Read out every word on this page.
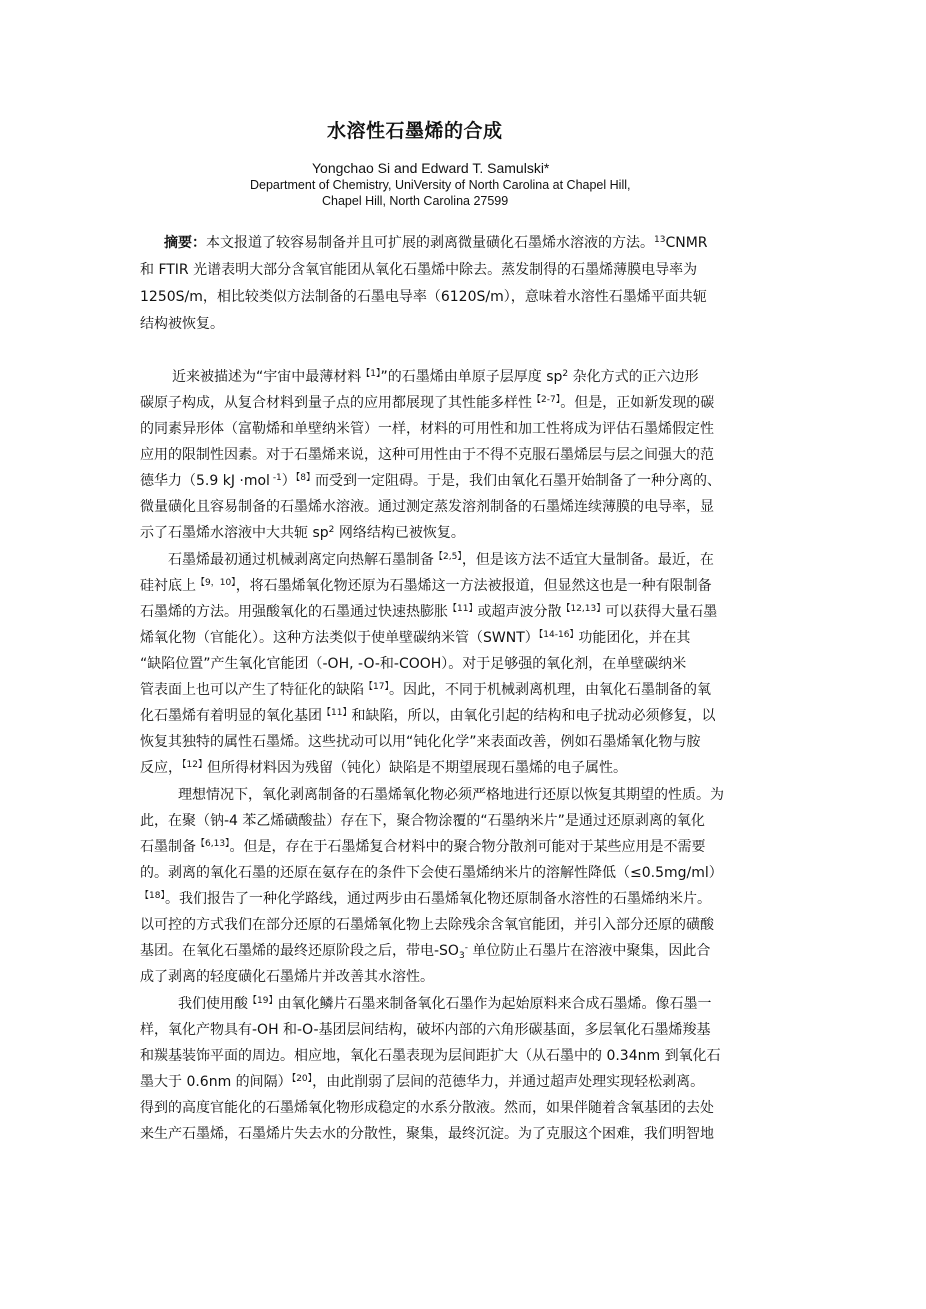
水溶性石墨烯的合成
Yongchao Si and Edward T. Samulski*
Department of Chemistry, UniVersity of North Carolina at Chapel Hill,
Chapel Hill, North Carolina 27599
摘要：本文报道了较容易制备并且可扩展的剥离微量磺化石墨烯水溶液的方法。$^{13}$CNMR
和 FTIR 光谱表明大部分含氧官能团从氧化石墨烯中除去。蒸发制得的石墨烯薄膜电导率为
1250S/m，相比较类似方法制备的石墨电导率（6120S/m），意味着水溶性石墨烯平面共轭
结构被恢复。
近来被描述为“宇宙中最薄材料$^{【1】}$”的石墨烯由单原子层厚度 $sp^2$ 杂化方式的正六边形
碳原子构成，从复合材料到量子点的应用都展现了其性能多样性$^{【2-7】}$。但是，正如新发现的碳
的同素异形体（富勒烯和单壁纳米管）一样，材料的可用性和加工性将成为评估石墨烯假定性
应用的限制性因素。对于石墨烯来说，这种可用性由于不得不克服石墨烯层与层之间强大的范
德华力（5.9 kJ ·mol $^{-1}$）$^{【8】}$而受到一定阻碍。于是，我们由氧化石墨开始制备了一种分离的、
微量磺化且容易制备的石墨烯水溶液。通过测定蒸发溶剂制备的石墨烯连续薄膜的电导率，显
示了石墨烯水溶液中大共轭 $sp^2$ 网络结构已被恢复。
石墨烯最初通过机械剥离定向热解石墨制备$^{【2,5】}$，但是该方法不适宜大量制备。最近，在
硅衬底上$^{【9,10】}$，将石墨烯氧化物还原为石墨烯这一方法被报道，但显然这也是一种有限制备
石墨烯的方法。用强酸氧化的石墨通过快速热膨胀$^{【11】}$或超声波分散$^{【12,13】}$可以获得大量石墨
烯氧化物（官能化）。这种方法类似于使单壁碳纳米管（SWNT）$^{【14-16】}$功能团化，并在其
“缺陷位置”产生氧化官能团（-OH, -O-和-COOH）。对于足够强的氧化剂，在单壁碳纳米
管表面上也可以产生了特征化的缺陷$^{【17】}$。因此，不同于机械剥离机理，由氧化石墨制备的氧
化石墨烯有着明显的氧化基团$^{【11】}$和缺陷，所以，由氧化引起的结构和电子扰动必须修复，以
恢复其独特的属性石墨烯。这些扰动可以用“钝化化学”来表面改善，例如石墨烯氧化物与胺
反应，$^{【12】}$但所得材料因为残留（钝化）缺陷是不期望展现石墨烯的电子属性。
理想情况下，氧化剥离制备的石墨烯氧化物必须严格地进行还原以恢复其期望的性质。为
此，在聚（钠-4 苯乙烯磺酸盐）存在下，聚合物涂覆的“石墨纳米片”是通过还原剥离的氧化
石墨制备$^{【6,13】}$。但是，存在于石墨烯复合材料中的聚合物分散剂可能对于某些应用是不需要
的。剥离的氧化石墨的还原在氨存在的条件下会使石墨烯纳米片的溶解性降低（≤0.5mg/ml）
$^{【18】}$。我们报告了一种化学路线，通过两步由石墨烯氧化物还原制备水溶性的石墨烯纳米片。
以可控的方式我们在部分还原的石墨烯氧化物上去除残余含氧官能团，并引入部分还原的磺酸
基团。在氧化石墨烯的最终还原阶段之后，带电$-SO_3^-$ 单位防止石墨片在溶液中聚集，因此合
成了剥离的轻度磺化石墨烯片并改善其水溶性。
我们使用酸$^{【19】}$由氧化鳞片石墨来制备氧化石墨作为起始原料来合成石墨烯。像石墨一
样，氧化产物具有-OH 和-O-基团层间结构，破坏内部的六角形碳基面，多层氧化石墨烯羧基
和羰基装饰平面的周边。相应地，氧化石墨表现为层间距扩大（从石墨中的 0.34nm 到氧化石
墨大于 0.6nm 的间隔）$^{【20】}$，由此削弱了层间的范德华力，并通过超声处理实现轻松剥离。
得到的高度官能化的石墨烯氧化物形成稳定的水系分散液。然而，如果伴随着含氧基团的去处
来生产石墨烯，石墨烯片失去水的分散性，聚集，最终沉淀。为了克服这个困难，我们明智地
